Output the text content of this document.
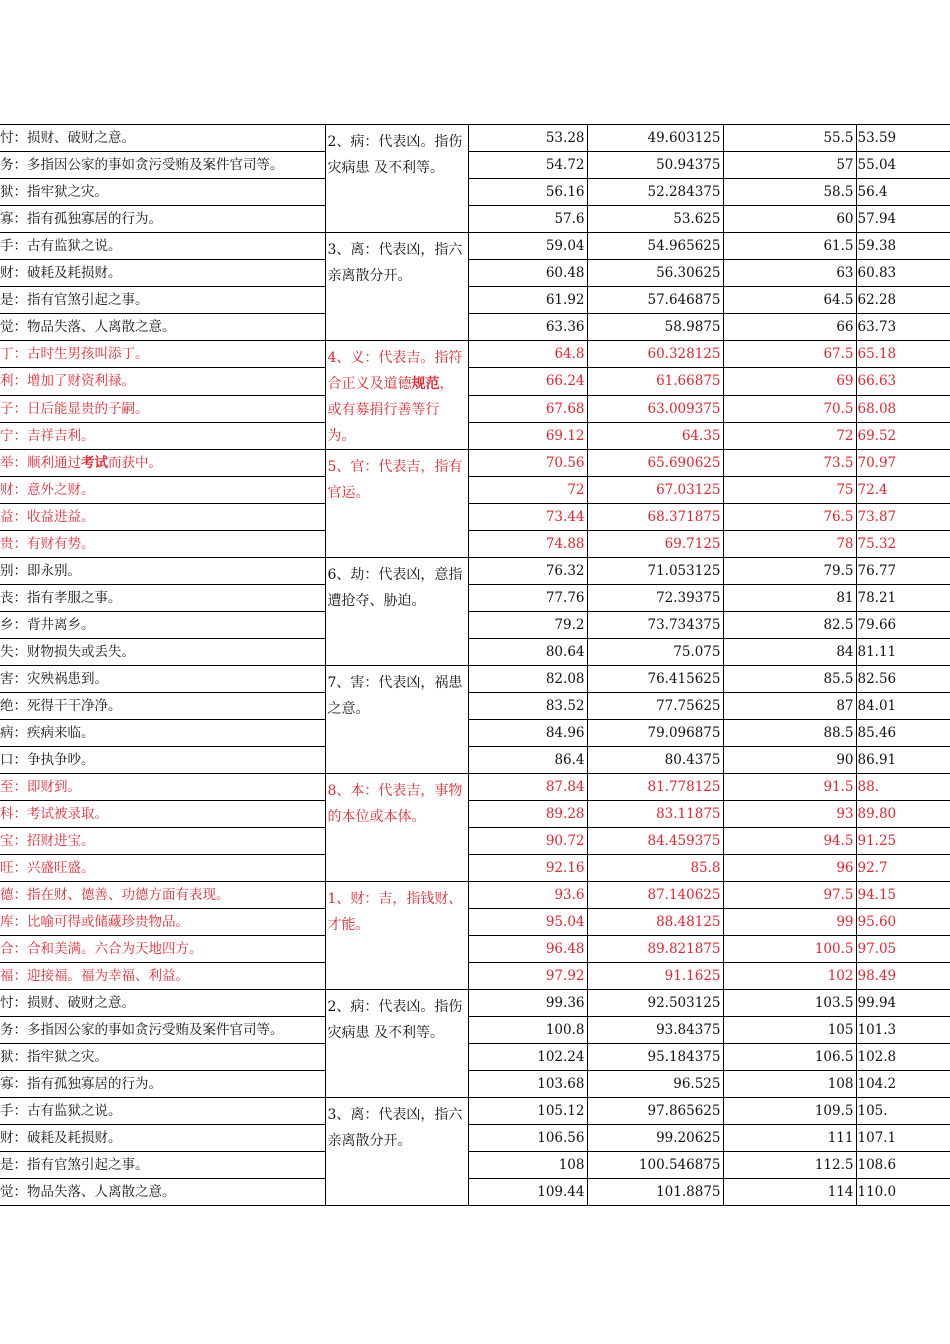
忖：损财、破财之意。	2、病：代表凶。指伤灾病患 及不利等。	53.28	49.603125	55.5	53.59
务：多指因公家的事如贪污受贿及案件官司等。		54.72	50.94375	57	55.04
狱：指牢狱之灾。		56.16	52.284375	58.5	56.4
寡：指有孤独寡居的行为。		57.6	53.625	60	57.94
手：古有监狱之说。	3、离：代表凶，指六亲离散分开。	59.04	54.965625	61.5	59.38
财：破耗及耗损财。		60.48	56.30625	63	60.83
是：指有官煞引起之事。		61.92	57.646875	64.5	62.28
觉：物品失落、人离散之意。		63.36	58.9875	66	63.73
丁：古时生男孩叫添丁。	4、义：代表吉。指符合正义及道德规范，或有募捐行善等行为。	64.8	60.328125	67.5	65.18
利：增加了财资利禄。		66.24	61.66875	69	66.63
子：日后能显贵的子嗣。		67.68	63.009375	70.5	68.08
宁：吉祥吉利。		69.12	64.35	72	69.52
举：顺利通过考试而获中。	5、官：代表吉，指有官运。	70.56	65.690625	73.5	70.97
财：意外之财。		72	67.03125	75	72.4
益：收益进益。		73.44	68.371875	76.5	73.87
贵：有财有势。		74.88	69.7125	78	75.32
别：即永别。	6、劫：代表凶，意指遭抢夺、胁迫。	76.32	71.053125	79.5	76.77
丧：指有孝服之事。		77.76	72.39375	81	78.21
乡：背井离乡。		79.2	73.734375	82.5	79.66
失：财物损失或丢失。		80.64	75.075	84	81.11
害：灾殃祸患到。	7、害：代表凶，祸患之意。	82.08	76.415625	85.5	82.56
绝：死得干干净净。		83.52	77.75625	87	84.01
病：疾病来临。		84.96	79.096875	88.5	85.46
口：争执争吵。		86.4	80.4375	90	86.91
至：即财到。	8、本：代表吉，事物的本位或本体。	87.84	81.778125	91.5	88.
科：考试被录取。		89.28	83.11875	93	89.80
宝：招财进宝。		90.72	84.459375	94.5	91.25
旺：兴盛旺盛。		92.16	85.8	96	92.7
德：指在财、德善、功德方面有表现。	1、财：吉，指钱财、才能。	93.6	87.140625	97.5	94.15
库：比喻可得或储藏珍贵物品。		95.04	88.48125	99	95.60
合：合和美满。六合为天地四方。		96.48	89.821875	100.5	97.05
福：迎接福。福为幸福、利益。		97.92	91.1625	102	98.49
忖：损财、破财之意。	2、病：代表凶。指伤灾病患 及不利等。	99.36	92.503125	103.5	99.94
务：多指因公家的事如贪污受贿及案件官司等。		100.8	93.84375	105	101.3
狱：指牢狱之灾。		102.24	95.184375	106.5	102.8
寡：指有孤独寡居的行为。		103.68	96.525	108	104.2
手：古有监狱之说。	3、离：代表凶，指六亲离散分开。	105.12	97.865625	109.5	105.
财：破耗及耗损财。		106.56	99.20625	111	107.1
是：指有官煞引起之事。		108	100.546875	112.5	108.6
觉：物品失落、人离散之意。		109.44	101.8875	114	110.0
